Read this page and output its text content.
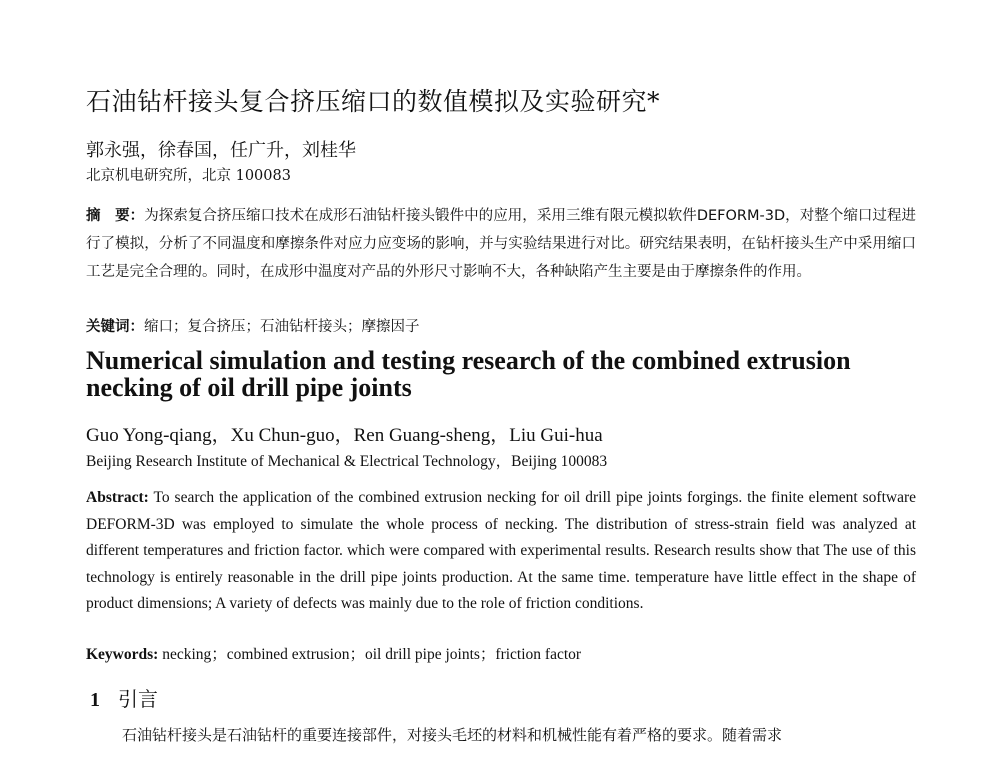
石油钻杆接头复合挤压缩口的数值模拟及实验研究*
郭永强，徐春国，任广升，刘桂华
北京机电研究所，北京 100083
摘　要：为探索复合挤压缩口技术在成形石油钻杆接头锻件中的应用，采用三维有限元模拟软件DEFORM-3D，对整个缩口过程进行了模拟，分析了不同温度和摩擦条件对应力应变场的影响，并与实验结果进行对比。研究结果表明，在钻杆接头生产中采用缩口工艺是完全合理的。同时，在成形中温度对产品的外形尺寸影响不大，各种缺陷产生主要是由于摩擦条件的作用。
关键词：缩口；复合挤压；石油钻杆接头；摩擦因子
Numerical simulation and testing research of the combined extrusion necking of oil drill pipe joints
Guo Yong-qiang，Xu Chun-guo，Ren Guang-sheng，Liu Gui-hua
Beijing Research Institute of Mechanical & Electrical Technology，Beijing 100083
Abstract: To search the application of the combined extrusion necking for oil drill pipe joints forgings. the finite element software DEFORM-3D was employed to simulate the whole process of necking. The distribution of stress-strain field was analyzed at different temperatures and friction factor. which were compared with experimental results. Research results show that The use of this technology is entirely reasonable in the drill pipe joints production. At the same time. temperature have little effect in the shape of product dimensions; A variety of defects was mainly due to the role of friction conditions.
Keywords: necking；combined extrusion；oil drill pipe joints；friction factor
1 引言
石油钻杆接头是石油钻杆的重要连接部件，对接头毛坯的材料和机械性能有着严格的要求。随着需求
